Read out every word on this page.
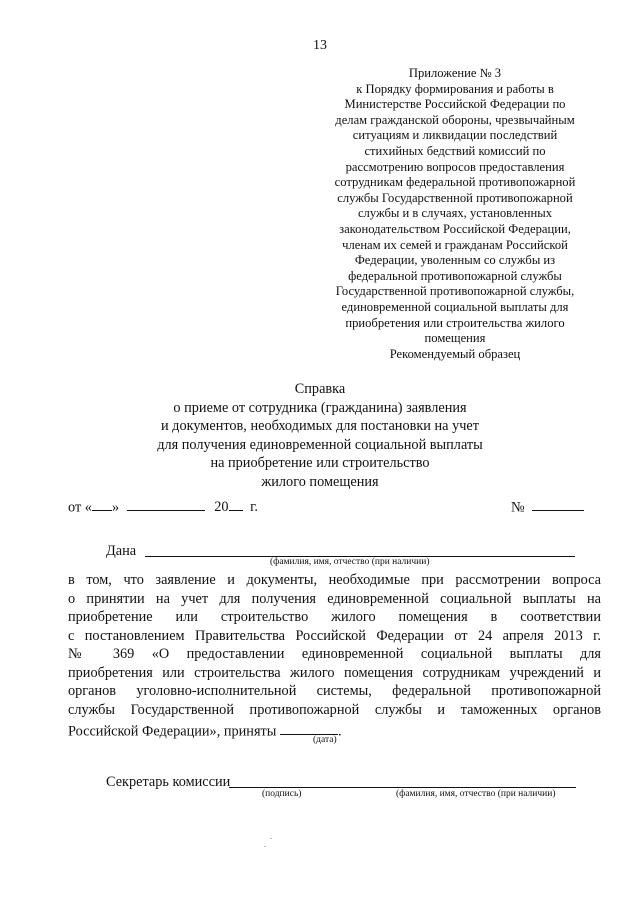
13
Приложение № 3
к Порядку формирования и работы в
Министерстве Российской Федерации по
делам гражданской обороны, чрезвычайным
ситуациям и ликвидации последствий
стихийных бедствий комиссий по
рассмотрению вопросов предоставления
сотрудникам федеральной противопожарной
службы Государственной противопожарной
службы и в случаях, установленных
законодательством Российской Федерации,
членам их семей и гражданам Российской
Федерации, уволенным со службы из
федеральной противопожарной службы
Государственной противопожарной службы,
единовременной социальной выплаты для
приобретения или строительства жилого
помещения
Рекомендуемый образец
Справка
о приеме от сотрудника (гражданина) заявления
и документов, необходимых для постановки на учет
для получения единовременной социальной выплаты
на приобретение или строительство
жилого помещения
от « »	20 г.	№
Дана
(фамилия, имя, отчество (при наличии)
в том, что заявление и документы, необходимые при рассмотрении вопроса
о принятии на учет для получения единовременной социальной выплаты на
приобретение или строительство жилого помещения в соответствии
с постановлением Правительства Российской Федерации от 24 апреля 2013 г.
№ 369 «О предоставлении единовременной социальной выплаты для
приобретения или строительства жилого помещения сотрудникам учреждений и
органов уголовно-исполнительной системы, федеральной противопожарной
службы Государственной противопожарной службы и таможенных органов
Российской Федерации», приняты	.
(дата)
Секретарь комиссии
(подпись)	(фамилия, имя, отчество (при наличии)
